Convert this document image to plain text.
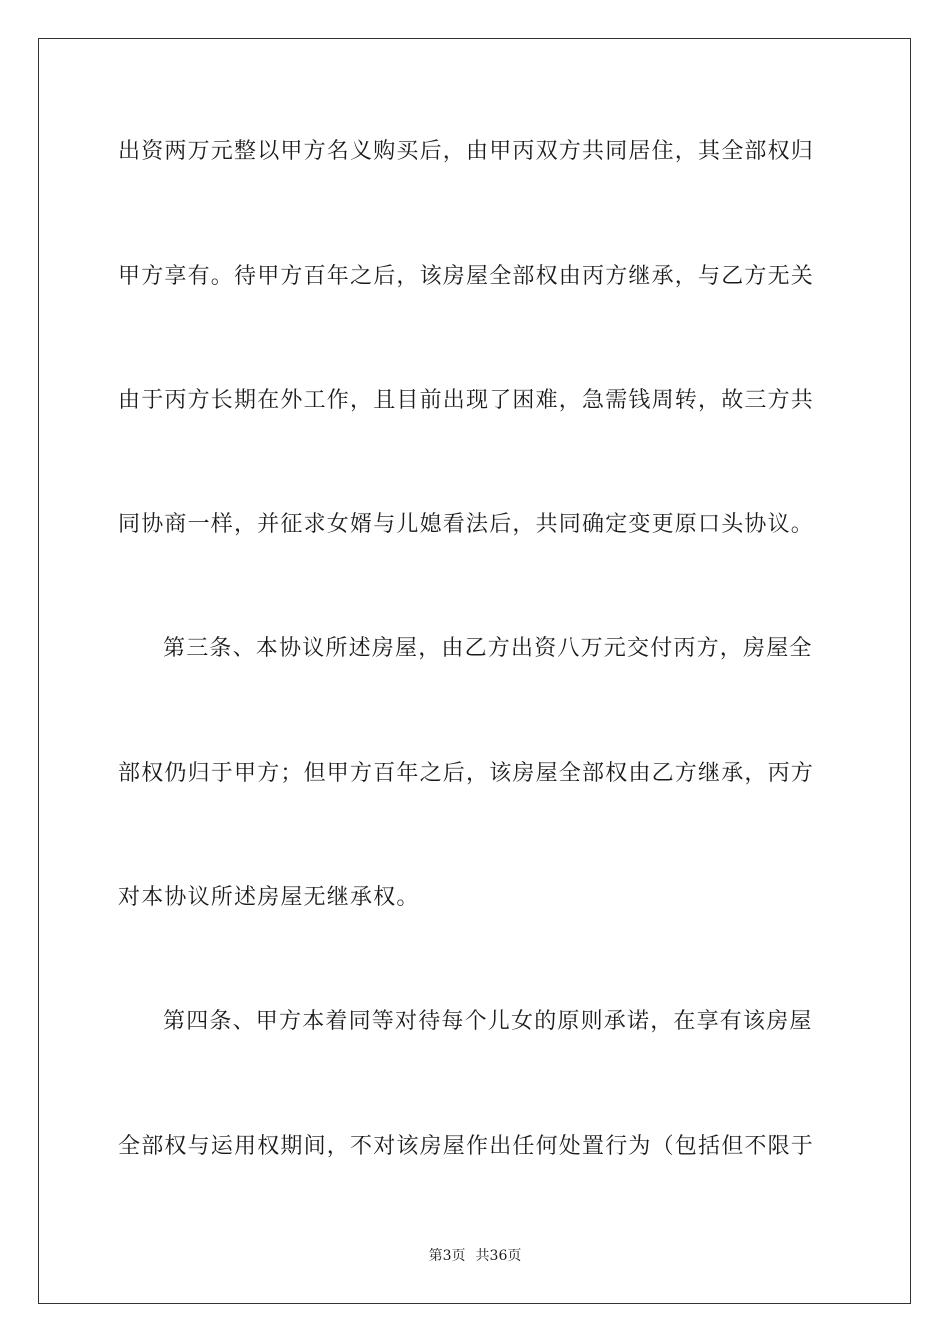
出资两万元整以甲方名义购买后，由甲丙双方共同居住，其全部权归
甲方享有。待甲方百年之后，该房屋全部权由丙方继承，与乙方无关
由于丙方长期在外工作，且目前出现了困难，急需钱周转，故三方共
同协商一样，并征求女婿与儿媳看法后，共同确定变更原口头协议。
第三条、本协议所述房屋，由乙方出资八万元交付丙方，房屋全
部权仍归于甲方；但甲方百年之后，该房屋全部权由乙方继承，丙方
对本协议所述房屋无继承权。
第四条、甲方本着同等对待每个儿女的原则承诺，在享有该房屋
全部权与运用权期间，不对该房屋作出任何处置行为（包括但不限于
第3页 共36页
